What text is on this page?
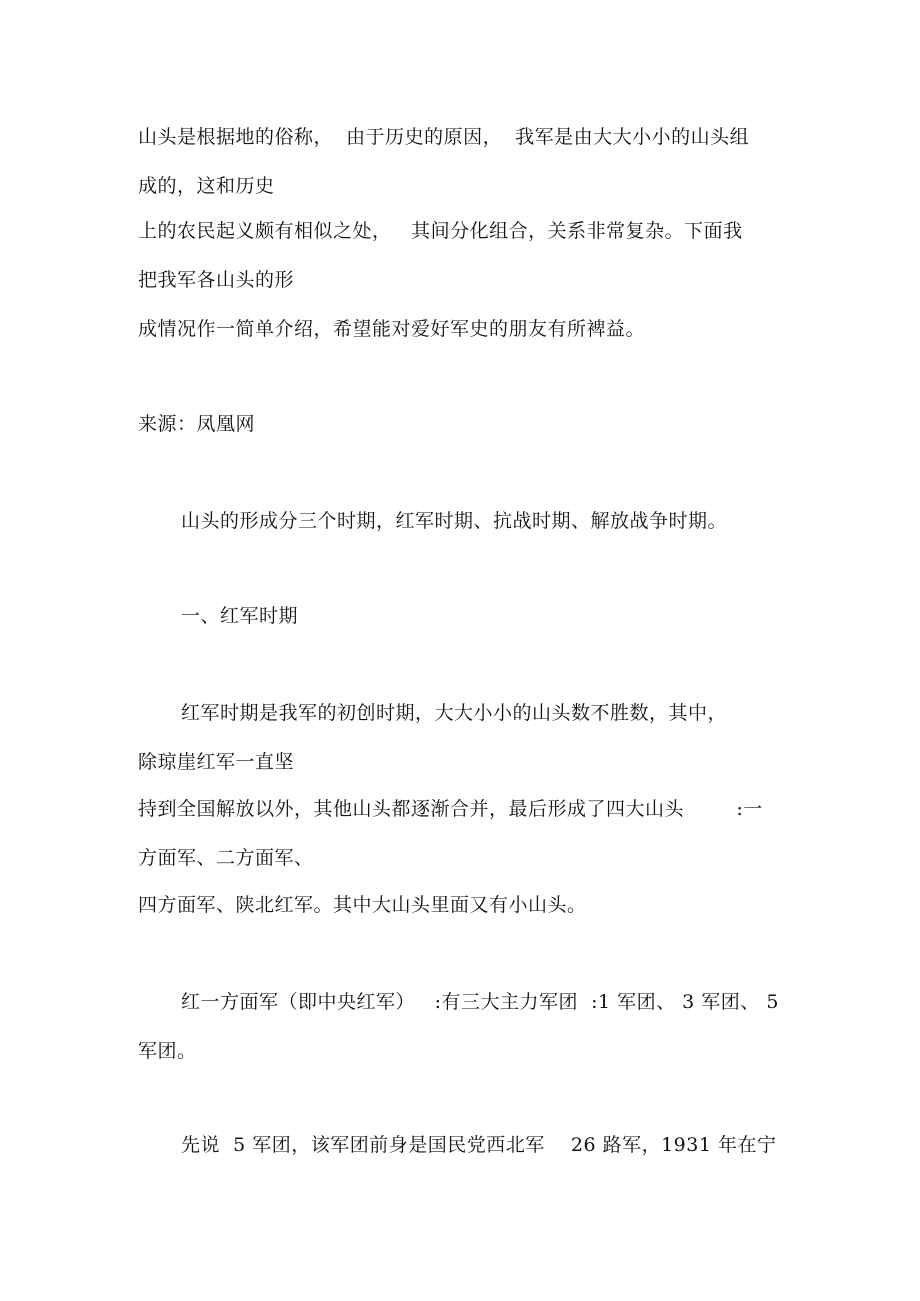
山头是根据地的俗称，  由于历史的原因，  我军是由大大小小的山头组
成的，这和历史
上的农民起义颇有相似之处，   其间分化组合，关系非常复杂。下面我
把我军各山头的形
成情况作一简单介绍，希望能对爱好军史的朋友有所裨益。
来源：凤凰网
山头的形成分三个时期，红军时期、抗战时期、解放战争时期。
一、红军时期
红军时期是我军的初创时期，大大小小的山头数不胜数，其中，
除琼崖红军一直坚
持到全国解放以外，其他山头都逐渐合并，最后形成了四大山头        :一
方面军、二方面军、
四方面军、陕北红军。其中大山头里面又有小山头。
红一方面军（即中央红军）   :有三大主力军团  :1 军团、 3 军团、 5
军团。
先说  5 军团，该军团前身是国民党西北军    26 路军，1931 年在宁
